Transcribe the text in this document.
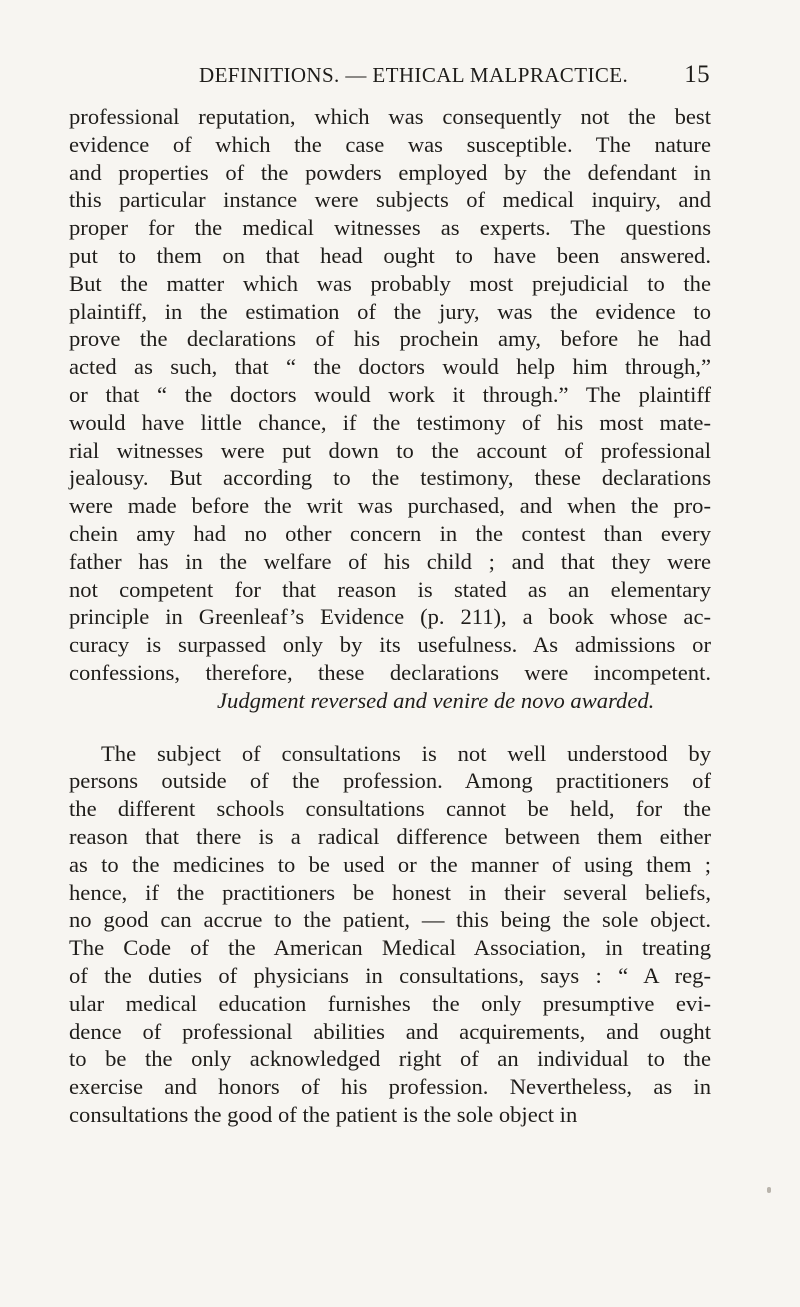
DEFINITIONS. — ETHICAL MALPRACTICE. 15
professional reputation, which was consequently not the best
evidence of which the case was susceptible. The nature
and properties of the powders employed by the defendant in
this particular instance were subjects of medical inquiry, and
proper for the medical witnesses as experts. The questions
put to them on that head ought to have been answered.
But the matter which was probably most prejudicial to the
plaintiff, in the estimation of the jury, was the evidence to
prove the declarations of his prochein amy, before he had
acted as such, that “ the doctors would help him through,”
or that “ the doctors would work it through.” The plaintiff
would have little chance, if the testimony of his most mate-
rial witnesses were put down to the account of professional
jealousy. But according to the testimony, these declarations
were made before the writ was purchased, and when the pro-
chein amy had no other concern in the contest than every
father has in the welfare of his child ; and that they were
not competent for that reason is stated as an elementary
principle in Greenleaf’s Evidence (p. 211), a book whose ac-
curacy is surpassed only by its usefulness. As admissions or
confessions, therefore, these declarations were incompetent.
Judgment reversed and venire de novo awarded.
The subject of consultations is not well understood by
persons outside of the profession. Among practitioners of
the different schools consultations cannot be held, for the
reason that there is a radical difference between them either
as to the medicines to be used or the manner of using them ;
hence, if the practitioners be honest in their several beliefs,
no good can accrue to the patient, — this being the sole object.
The Code of the American Medical Association, in treating
of the duties of physicians in consultations, says : “ A reg-
ular medical education furnishes the only presumptive evi-
dence of professional abilities and acquirements, and ought
to be the only acknowledged right of an individual to the
exercise and honors of his profession. Nevertheless, as in
consultations the good of the patient is the sole object in
